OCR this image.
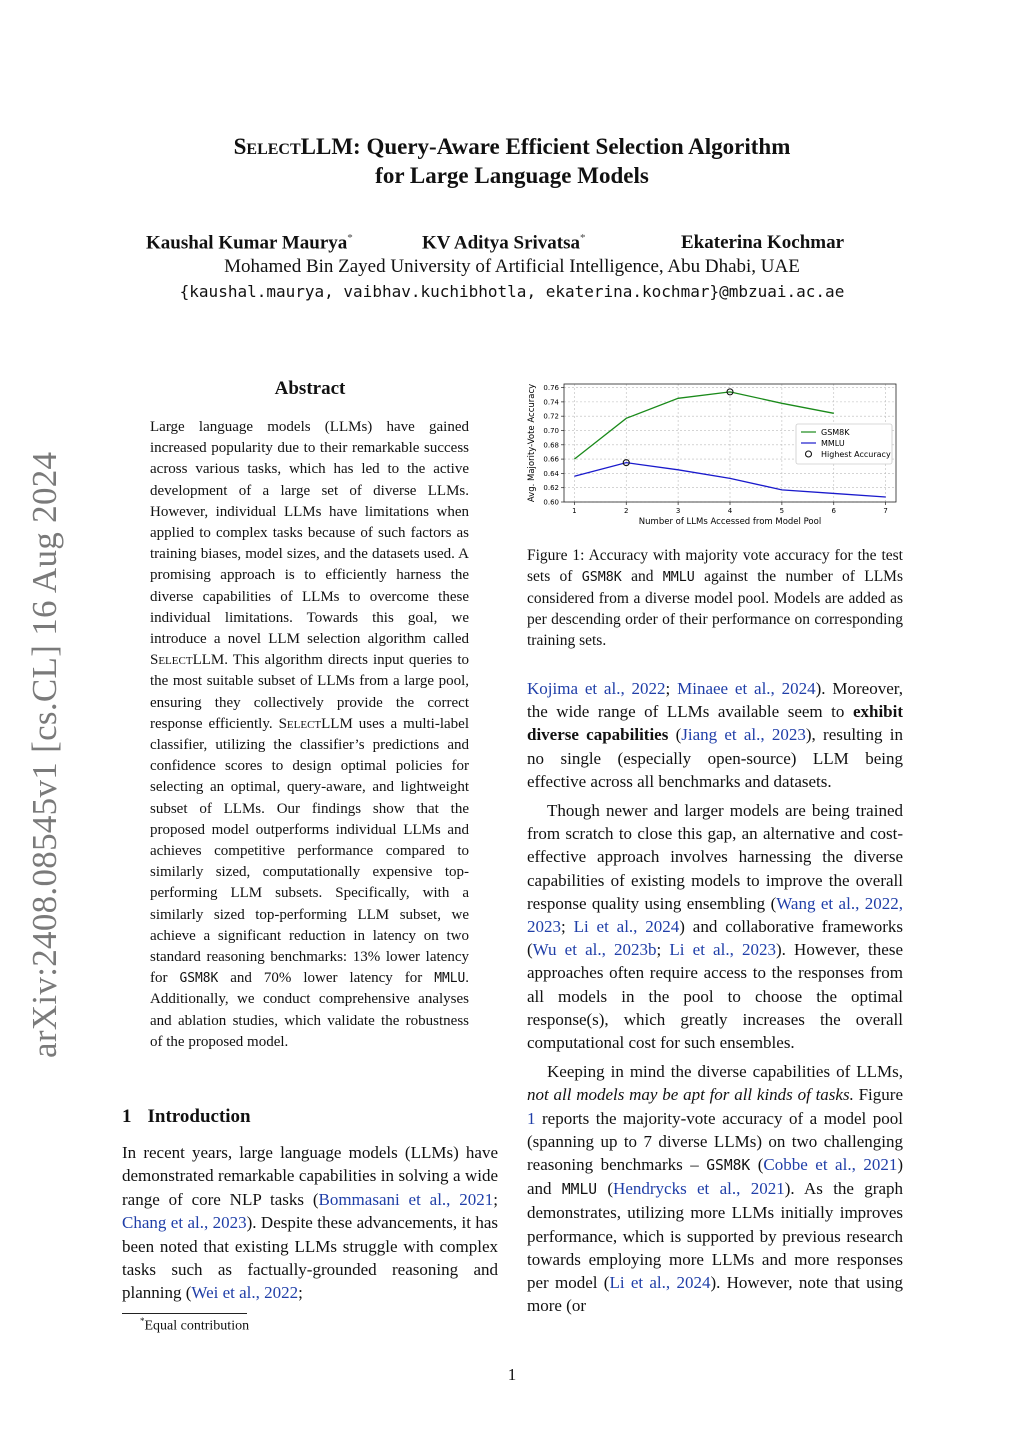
SelectLLM: Query-Aware Efficient Selection Algorithm
for Large Language Models
Kaushal Kumar Maurya*	KV Aditya Srivatsa*	Ekaterina Kochmar
Mohamed Bin Zayed University of Artificial Intelligence, Abu Dhabi, UAE
{kaushal.maurya, vaibhav.kuchibhotla, ekaterina.kochmar}@mbzuai.ac.ae
arXiv:2408.08545v1 [cs.CL] 16 Aug 2024
Abstract
Large language models (LLMs) have gained increased popularity due to their remarkable success across various tasks, which has led to the active development of a large set of diverse LLMs. However, individual LLMs have limitations when applied to complex tasks because of such factors as training biases, model sizes, and the datasets used. A promising approach is to efficiently harness the diverse capabilities of LLMs to overcome these individual limitations. Towards this goal, we introduce a novel LLM selection algorithm called SelectLLM. This algorithm directs input queries to the most suitable subset of LLMs from a large pool, ensuring they collectively provide the correct response efficiently. SelectLLM uses a multi-label classifier, utilizing the classifier’s predictions and confidence scores to design optimal policies for selecting an optimal, query-aware, and lightweight subset of LLMs. Our findings show that the proposed model outperforms individual LLMs and achieves competitive performance compared to similarly sized, computationally expensive top-performing LLM subsets. Specifically, with a similarly sized top-performing LLM subset, we achieve a significant reduction in latency on two standard reasoning benchmarks: 13% lower latency for GSM8K and 70% lower latency for MMLU. Additionally, we conduct comprehensive analyses and ablation studies, which validate the robustness of the proposed model.
1 Introduction
In recent years, large language models (LLMs) have demonstrated remarkable capabilities in solving a wide range of core NLP tasks (Bommasani et al., 2021; Chang et al., 2023). Despite these advancements, it has been noted that existing LLMs struggle with complex tasks such as factually-grounded reasoning and planning (Wei et al., 2022;
*Equal contribution
1
0.60
0.62
0.64
0.66
0.68
0.70
0.72
0.74
0.76
1	2	3	4	5	6	7
GSM8K
MMLU
Highest Accuracy
Number of LLMs Accessed from Model Pool
Avg. Majority-Vote Accuracy
Figure 1: Accuracy with majority vote accuracy for the test sets of GSM8K and MMLU against the number of LLMs considered from a diverse model pool. Models are added as per descending order of their performance on corresponding training sets.

Kojima et al., 2022; Minaee et al., 2024). Moreover, the wide range of LLMs available seem to exhibit diverse capabilities (Jiang et al., 2023), resulting in no single (especially open-source) LLM being effective across all benchmarks and datasets.

Though newer and larger models are being trained from scratch to close this gap, an alternative and cost-effective approach involves harnessing the diverse capabilities of existing models to improve the overall response quality using ensembling (Wang et al., 2022, 2023; Li et al., 2024) and collaborative frameworks (Wu et al., 2023b; Li et al., 2023). However, these approaches often require access to the responses from all models in the pool to choose the optimal response(s), which greatly increases the overall computational cost for such ensembles.

Keeping in mind the diverse capabilities of LLMs, not all models may be apt for all kinds of tasks. Figure 1 reports the majority-vote accuracy of a model pool (spanning up to 7 diverse LLMs) on two challenging reasoning benchmarks – GSM8K (Cobbe et al., 2021) and MMLU (Hendrycks et al., 2021). As the graph demonstrates, utilizing more LLMs initially improves performance, which is supported by previous research towards employing more LLMs and more responses per model (Li et al., 2024). However, note that using more (or
